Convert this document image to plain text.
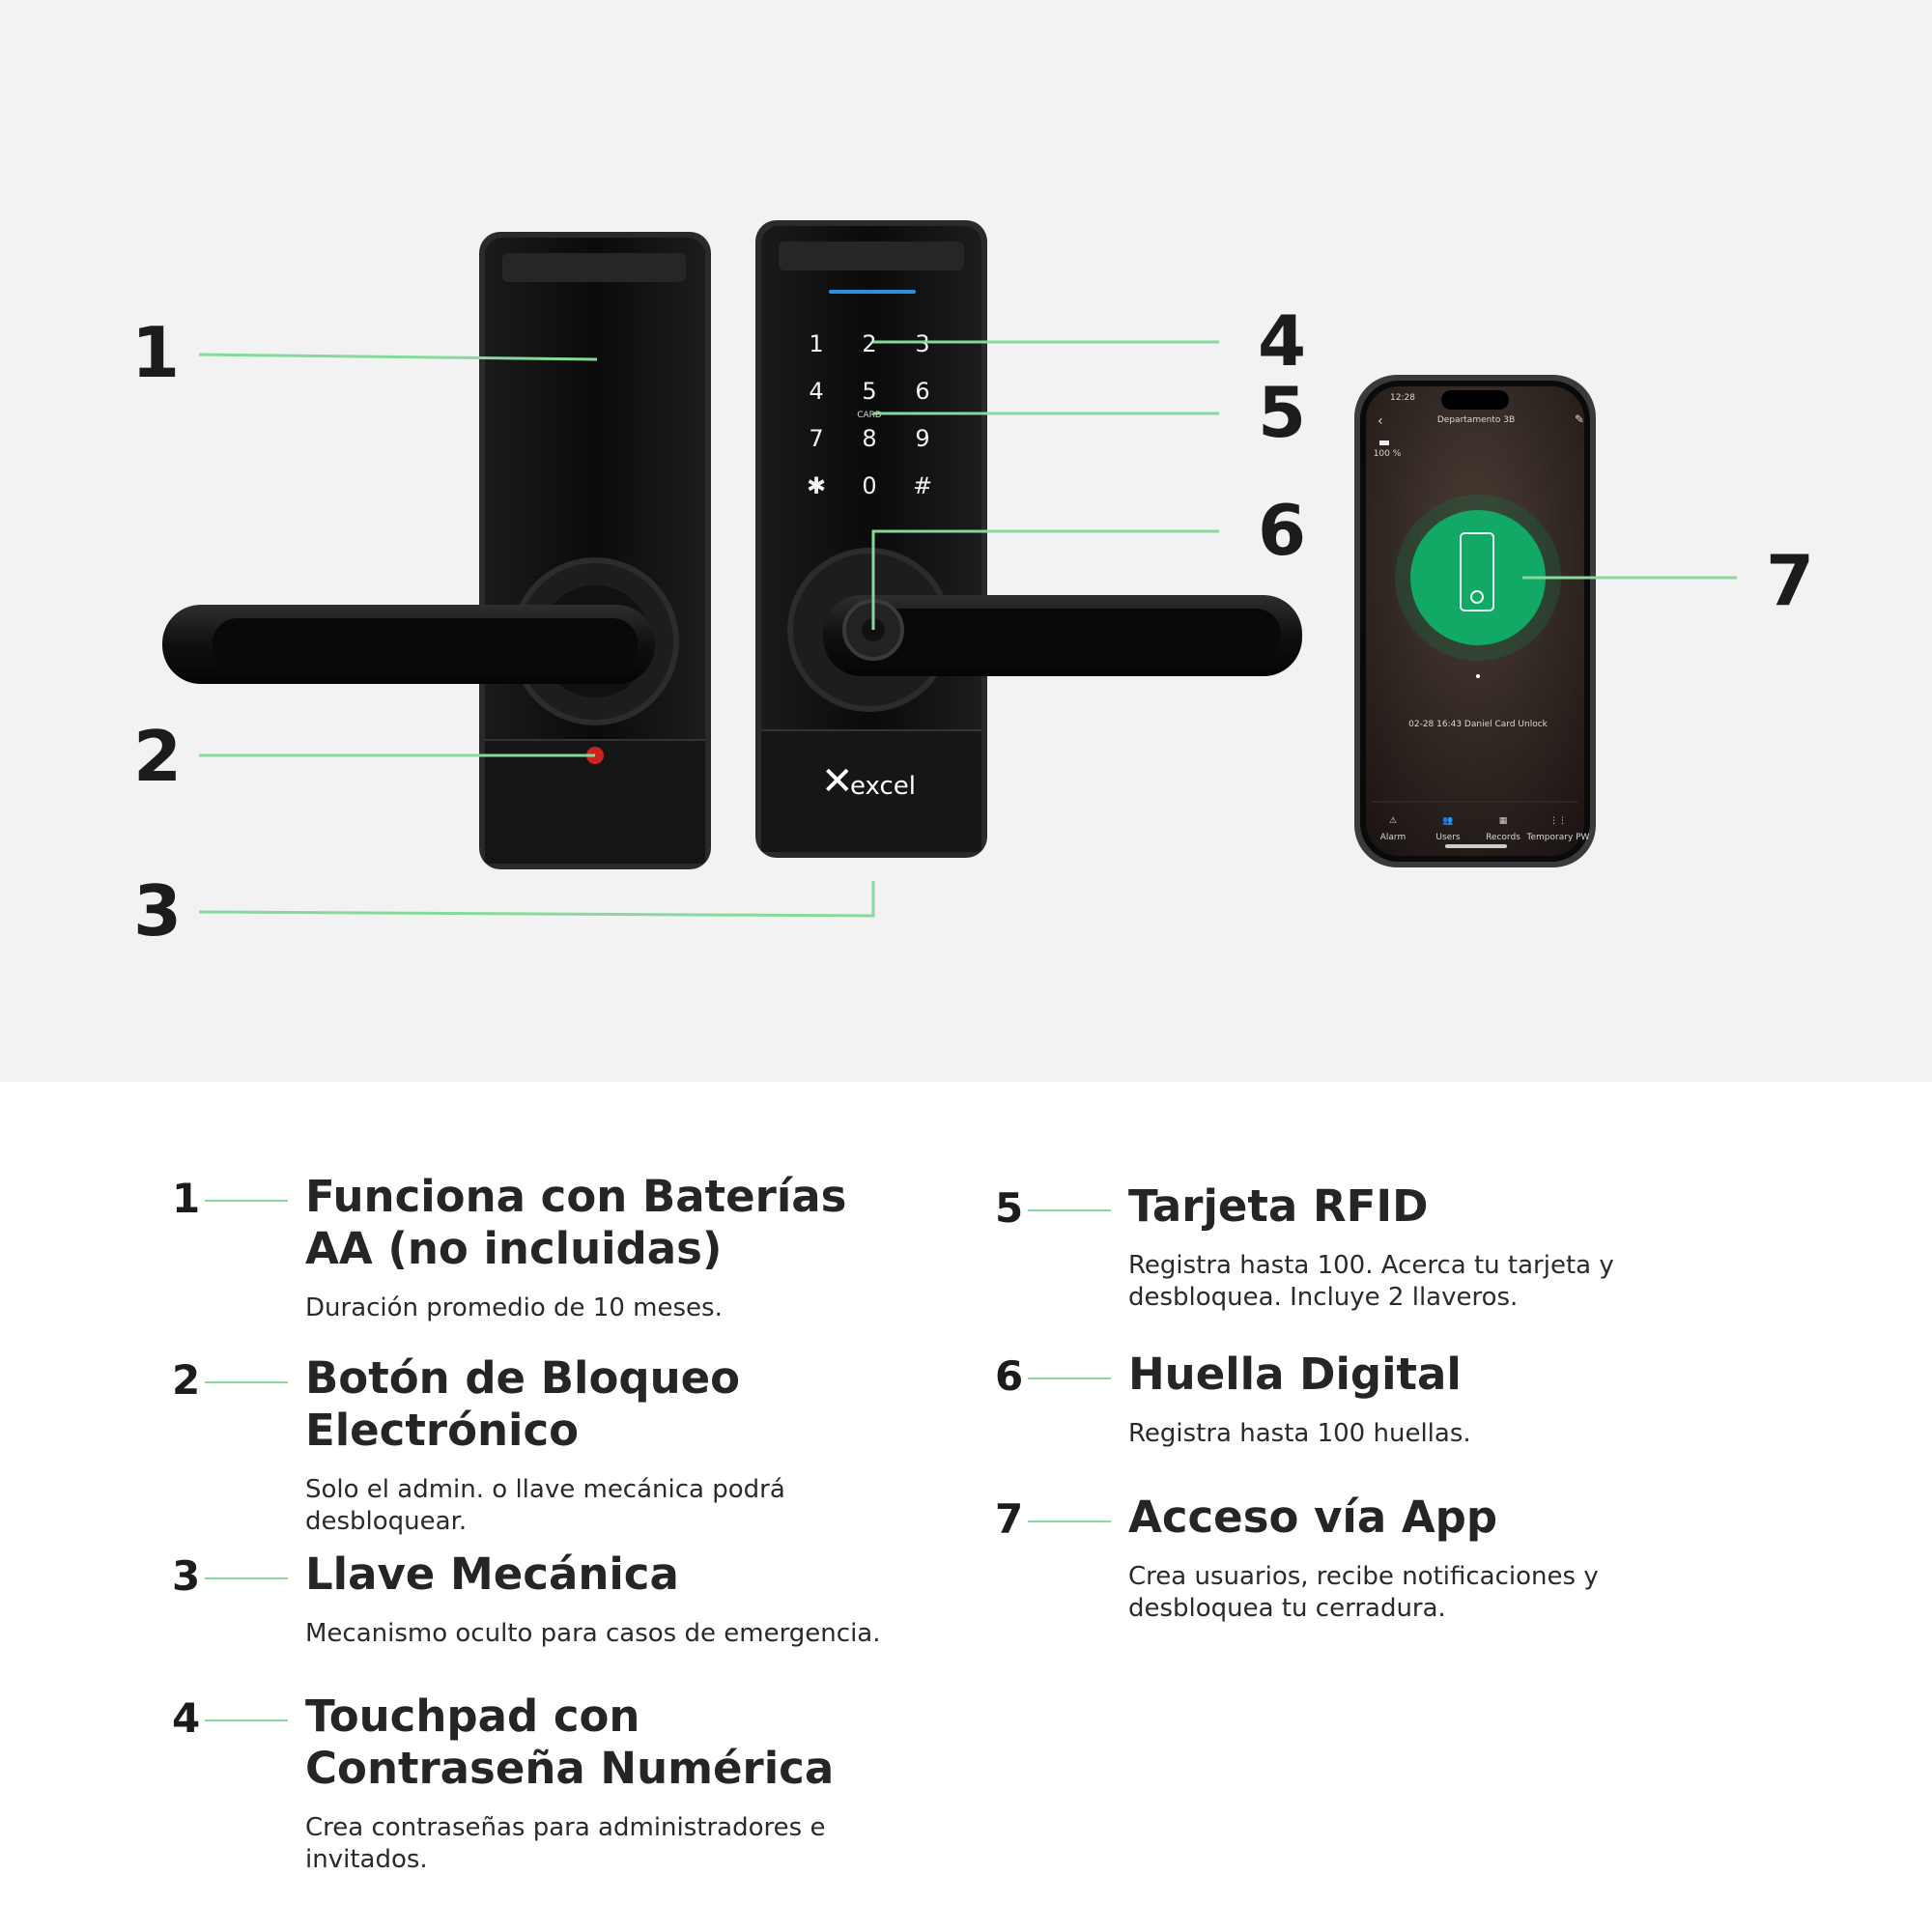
✕
excel
1 2 3
4 5 6
7 8 9
✱ 0 #
CARD
12:28
‹	Departamento 3B	✎
100 %
02-28 16:43 Daniel Card Unlock
⚠
Alarm
👥
Users
▦
Records
⋮⋮
Temporary PW
1
2
3
4
5
6
7
1 Funciona con Baterías AA (no incluidas)
Duración promedio de 10 meses.
2 Botón de Bloqueo Electrónico
Solo el admin. o llave mecánica podrá desbloquear.
3 Llave Mecánica
Mecanismo oculto para casos de emergencia.
4 Touchpad con Contraseña Numérica
Crea contraseñas para administradores e invitados.
5 Tarjeta RFID
Registra hasta 100. Acerca tu tarjeta y desbloquea. Incluye 2 llaveros.
6 Huella Digital
Registra hasta 100 huellas.
7 Acceso vía App
Crea usuarios, recibe notificaciones y desbloquea tu cerradura.
